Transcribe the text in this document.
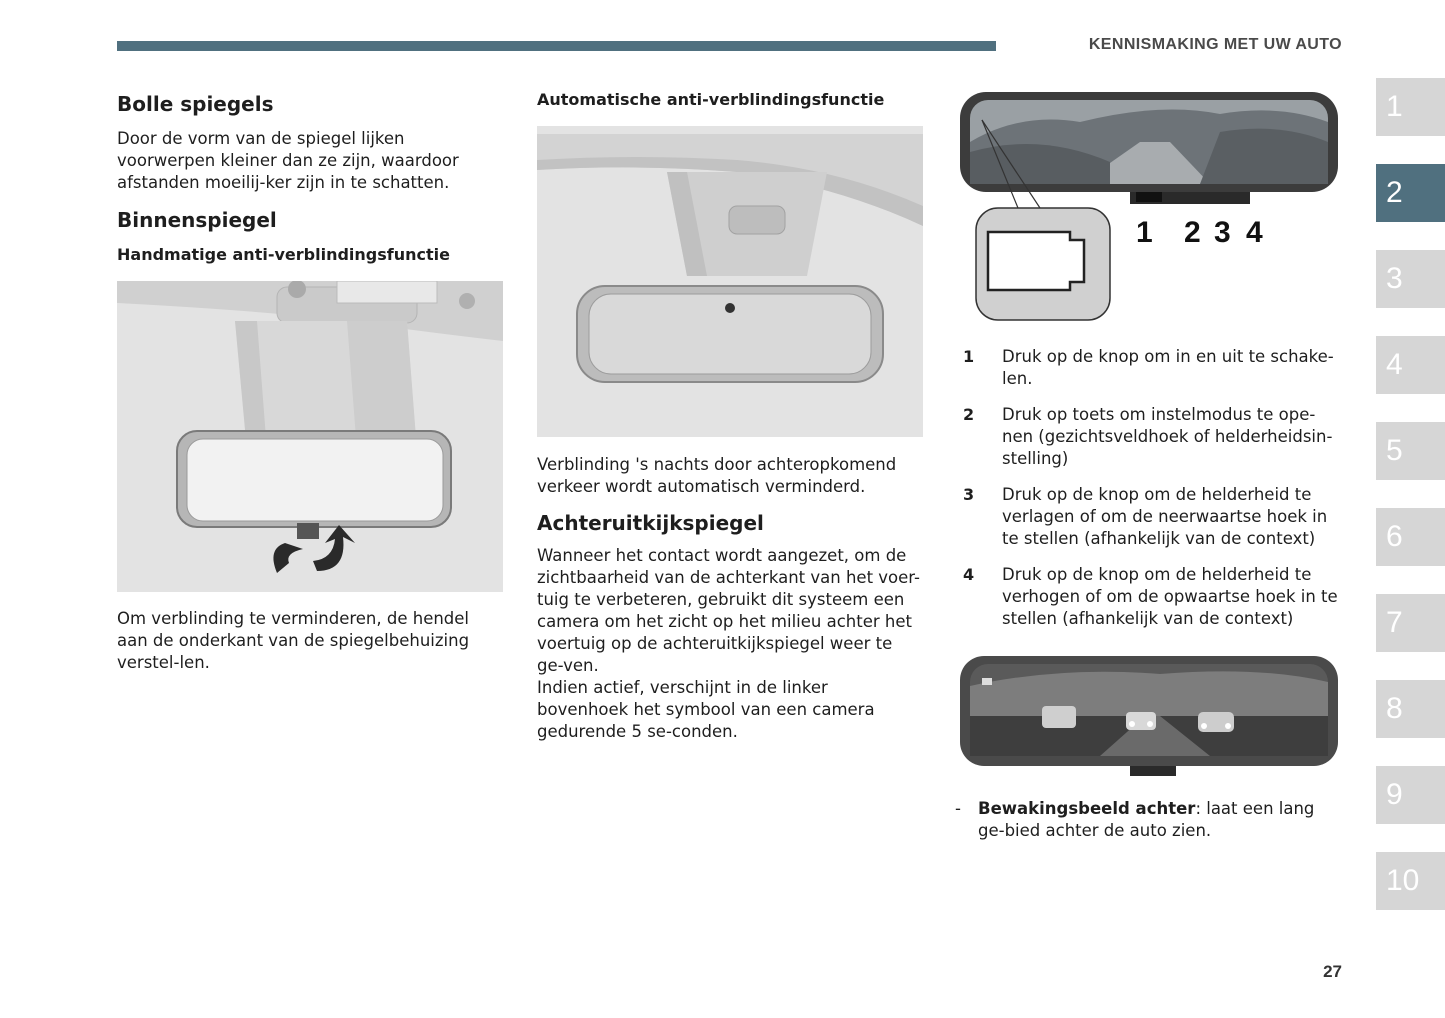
KENNISMAKING MET UW AUTO
Bolle spiegels

Door de vorm van de spiegel lijken voorwerpen kleiner dan ze zijn, waardoor afstanden moeilij-ker zijn in te schatten.

Binnenspiegel
Handmatige anti-verblindingsfunctie

Om verblinding te verminderen, de hendel aan de onderkant van de spiegelbehuizing verstel-len.

Automatische anti-verblindingsfunctie

Verblinding 's nachts door achteropkomend verkeer wordt automatisch verminderd.

Achteruitkijkspiegel

Wanneer het contact wordt aangezet, om de zichtbaarheid van de achterkant van het voer-tuig te verbeteren, gebruikt dit systeem een camera om het zicht op het milieu achter het voertuig op de achteruitkijkspiegel weer te ge-ven.

Indien actief, verschijnt in de linker bovenhoek het symbool van een camera gedurende 5 se-conden.

1 2 3 4
1 Druk op de knop om in en uit te schake-len.
2 Druk op toets om instelmodus te ope-nen (gezichtsveldhoek of helderheidsin-stelling)
3 Druk op de knop om de helderheid te verlagen of om de neerwaartse hoek in te stellen (afhankelijk van de context)
4 Druk op de knop om de helderheid te verhogen of om de opwaartse hoek in te stellen (afhankelijk van de context)
- Bewakingsbeeld achter: laat een lang ge-bied achter de auto zien.
1
2
3
4
5
6
7
8
9
10
27
